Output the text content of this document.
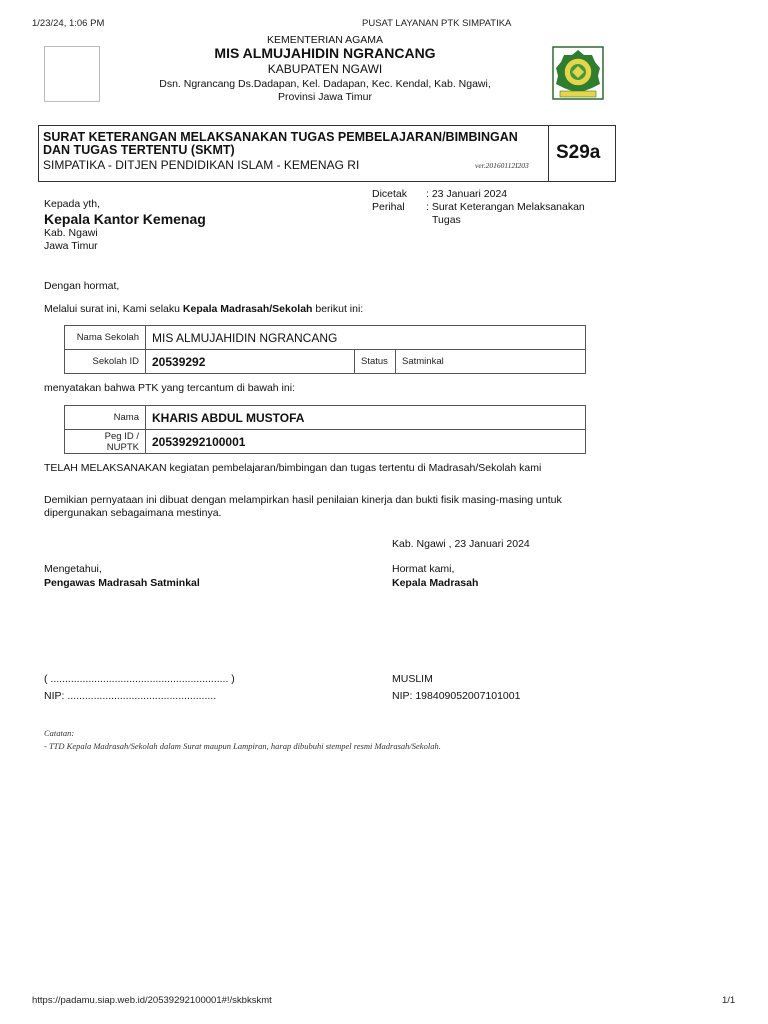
1/23/24, 1:06 PM	PUSAT LAYANAN PTK SIMPATIKA
KEMENTERIAN AGAMA
MIS ALMUJAHIDIN NGRANCANG
KABUPATEN NGAWI
Dsn. Ngrancang Ds.Dadapan, Kel. Dadapan, Kec. Kendal, Kab. Ngawi,
Provinsi Jawa Timur
SURAT KETERANGAN MELAKSANAKAN TUGAS PEMBELAJARAN/BIMBINGAN
DAN TUGAS TERTENTU (SKMT)
SIMPATIKA - DITJEN PENDIDIKAN ISLAM - KEMENAG RI	ver.20160112I203
S29a
Kepada yth,
Kepala Kantor Kemenag
Kab. Ngawi
Jawa Timur
Dicetak : 23 Januari 2024
Perihal : Surat Keterangan Melaksanakan
Tugas
Dengan hormat,
Melalui surat ini, Kami selaku Kepala Madrasah/Sekolah berikut ini:
Nama Sekolah	MIS ALMUJAHIDIN NGRANCANG		
Sekolah ID	20539292	Status	Satminkal
menyatakan bahwa PTK yang tercantum di bawah ini:
Nama	KHARIS ABDUL MUSTOFA
Peg ID / NUPTK	20539292100001
TELAH MELAKSANAKAN kegiatan pembelajaran/bimbingan dan tugas tertentu di Madrasah/Sekolah kami
Demikian pernyataan ini dibuat dengan melampirkan hasil penilaian kinerja dan bukti fisik masing-masing untuk
dipergunakan sebagaimana mestinya.
Kab. Ngawi , 23 Januari 2024
Mengetahui,
Pengawas Madrasah Satminkal
( ............................................................. )
NIP: ...................................................
Hormat kami,
Kepala Madrasah
MUSLIM
NIP: 198409052007101001
Catatan:
- TTD Kepala Madrasah/Sekolah dalam Surat maupun Lampiran, harap dibubuhi stempel resmi Madrasah/Sekolah.
https://padamu.siap.web.id/20539292100001#!/skbkskmt	1/1
